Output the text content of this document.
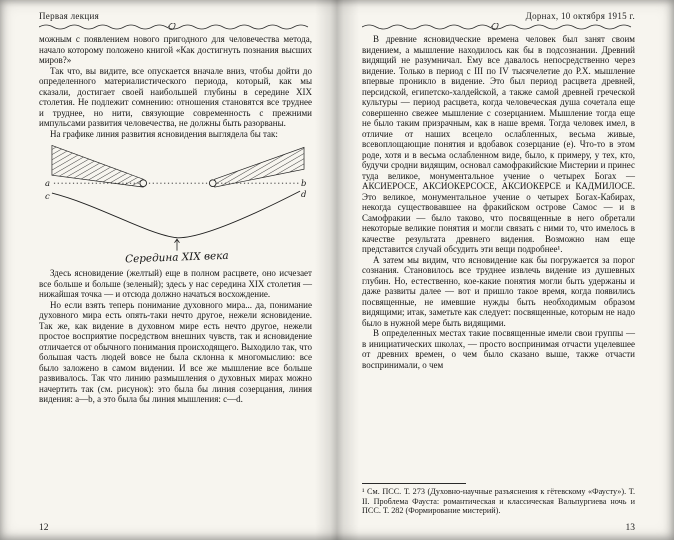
Первая лекция

можным с появлением нового пригодного для человечества метода, начало которому положено книгой «Как достигнуть познания высших миров?»

Так что, вы видите, все опускается вначале вниз, чтобы дойти до определенного материалистического периода, который, как мы сказали, достигает своей наибольшей глубины в середине XIX столетия. Не подлежит сомнению: отношения становятся все труднее и труднее, но нити, связующие современность с прежними импульсами развития человечества, не должны быть разорваны.

На графике линия развития ясновидения выглядела бы так:

a	b
c	d
Середина XIX века

Здесь ясновидение (желтый) еще в полном расцвете, оно исчезает все больше и больше (зеленый); здесь у нас середина XIX столетия — нижайшая точка — и отсюда должно начаться восхождение.

Но если взять теперь понимание духовного мира... да, понимание духовного мира есть опять-таки нечто другое, нежели ясновидение. Так же, как видение в духовном мире есть нечто другое, нежели простое восприятие посредством внешних чувств, так и ясновидение отличается от обычного понимания происходящего. Выходило так, что большая часть людей вовсе не была склонна к многомыслию: все было заложено в самом видении. И все же мышление все больше развивалось. Так что линию размышления о духовных мирах можно начертить так (см. рисунок): это была бы линия созерцания, линия видения: a—b, а это была бы линия мышления: c—d.

12
Дорнах, 10 октября 1915 г.

В древние ясновидческие времена человек был занят своим видением, а мышление находилось как бы в подсознании. Древний видящий не разумничал. Ему все давалось непосредственно через видение. Только в период с III по IV тысячелетие до Р.Х. мышление впервые проникло в видение. Это был период расцвета древней, персидской, египетско-халдейской, а также самой древней греческой культуры — период расцвета, когда человеческая душа сочетала еще совершенно свежее мышление с созерцанием. Мышление тогда еще не было таким призрачным, как в наше время. Тогда человек имел, в отличие от наших всецело ослабленных, весьма живые, всевоплощающие понятия и вдобавок созерцание (е). Что-то в этом роде, хотя и в весьма ослабленном виде, было, к примеру, у тех, кто, будучи сродни видящим, основал самофракийские Мистерии и принес туда великое, монументальное учение о четырех Богах — АКСИЕРОСЕ, АКСИОКЕРСОСЕ, АКСИОКЕРСЕ и КАДМИЛОСЕ. Это великое, монументальное учение о четырех Богах-Кабирах, некогда существовавшее на фракийском острове Самос — и в Самофракии — было таково, что посвященные в него обретали некоторые великие понятия и могли связать с ними то, что имелось в качестве результата древнего видения. Возможно нам еще представится случай обсудить эти вещи подробнее¹.

А затем мы видим, что ясновидение как бы погружается за порог сознания. Становилось все труднее извлечь видение из душевных глубин. Но, естественно, кое-какие понятия могли быть удержаны и даже развиты далее — вот и пришло такое время, когда появились посвященные, не имевшие нужды быть необходимым образом видящими; итак, заметьте как следует: посвященные, которым не надо было в нужной мере быть видящими.

В определенных местах такие посвященные имели свои группы — в инициатических школах, — просто воспринимая отчасти уцелевшее от древних времен, о чем было сказано выше, также отчасти воспринимали, о чем

¹ См. ПСС. Т. 273 (Духовно-научные разъяснения к гётевскому «Фаусту»). Т. II. Проблема Фауста: романтическая и классическая Вальпургиева ночь и ПСС. Т. 282 (Формирование мистерий).

13
